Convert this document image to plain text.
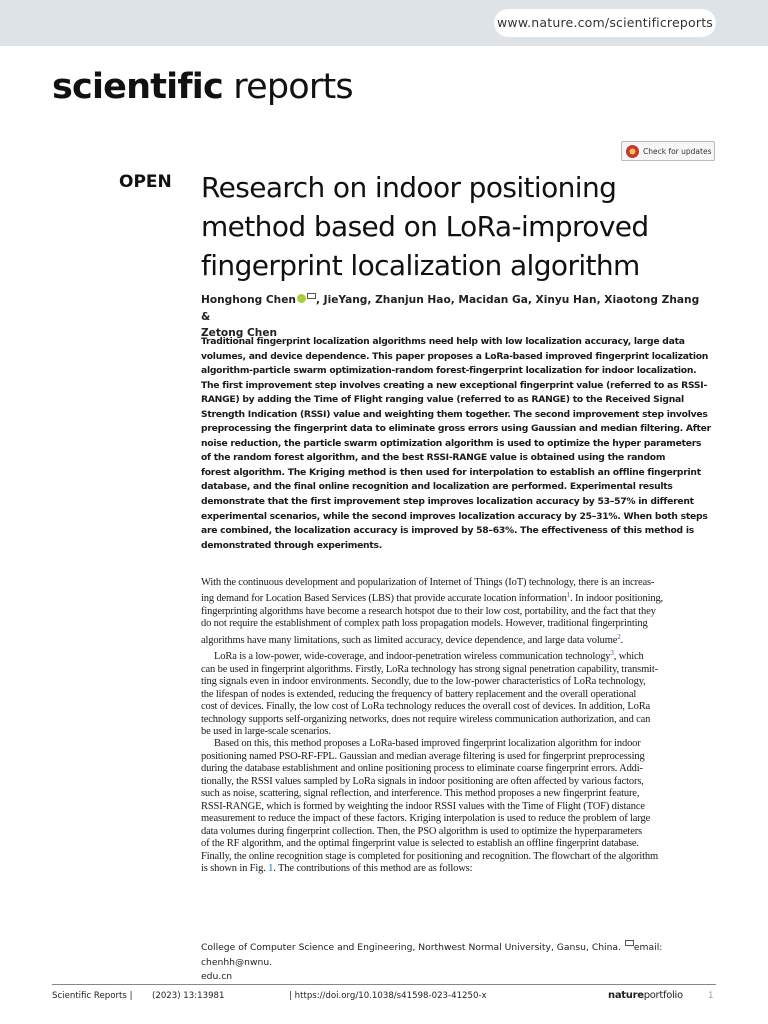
www.nature.com/scientificreports
scientific reports
Check for updates
OPEN Research on indoor positioning
method based on LoRa-improved
fingerprint localization algorithm
Honghong Chen , JieYang, Zhanjun Hao, Macidan Ga, Xinyu Han, Xiaotong Zhang &
Zetong Chen
Traditional fingerprint localization algorithms need help with low localization accuracy, large data
volumes, and device dependence. This paper proposes a LoRa-based improved fingerprint localization
algorithm-particle swarm optimization-random forest-fingerprint localization for indoor localization.
The first improvement step involves creating a new exceptional fingerprint value (referred to as RSSI-
RANGE) by adding the Time of Flight ranging value (referred to as RANGE) to the Received Signal
Strength Indication (RSSI) value and weighting them together. The second improvement step involves
preprocessing the fingerprint data to eliminate gross errors using Gaussian and median filtering. After
noise reduction, the particle swarm optimization algorithm is used to optimize the hyper parameters
of the random forest algorithm, and the best RSSI-RANGE value is obtained using the random
forest algorithm. The Kriging method is then used for interpolation to establish an offline fingerprint
database, and the final online recognition and localization are performed. Experimental results
demonstrate that the first improvement step improves localization accuracy by 53–57% in different
experimental scenarios, while the second improves localization accuracy by 25–31%. When both steps
are combined, the localization accuracy is improved by 58–63%. The effectiveness of this method is
demonstrated through experiments.
With the continuous development and popularization of Internet of Things (IoT) technology, there is an increas-
ing demand for Location Based Services (LBS) that provide accurate location information$^1$. In indoor positioning,
fingerprinting algorithms have become a research hotspot due to their low cost, portability, and the fact that they
do not require the establishment of complex path loss propagation models. However, traditional fingerprinting
algorithms have many limitations, such as limited accuracy, device dependence, and large data volume$^2$.
LoRa is a low-power, wide-coverage, and indoor-penetration wireless communication technology$^3$, which
can be used in fingerprint algorithms. Firstly, LoRa technology has strong signal penetration capability, transmit-
ting signals even in indoor environments. Secondly, due to the low-power characteristics of LoRa technology,
the lifespan of nodes is extended, reducing the frequency of battery replacement and the overall operational
cost of devices. Finally, the low cost of LoRa technology reduces the overall cost of devices. In addition, LoRa
technology supports self-organizing networks, does not require wireless communication authorization, and can
be used in large-scale scenarios.
Based on this, this method proposes a LoRa-based improved fingerprint localization algorithm for indoor
positioning named PSO-RF-FPL. Gaussian and median average filtering is used for fingerprint preprocessing
during the database establishment and online positioning process to eliminate coarse fingerprint errors. Addi-
tionally, the RSSI values sampled by LoRa signals in indoor positioning are often affected by various factors,
such as noise, scattering, signal reflection, and interference. This method proposes a new fingerprint feature,
RSSI-RANGE, which is formed by weighting the indoor RSSI values with the Time of Flight (TOF) distance
measurement to reduce the impact of these factors. Kriging interpolation is used to reduce the problem of large
data volumes during fingerprint collection. Then, the PSO algorithm is used to optimize the hyperparameters
of the RF algorithm, and the optimal fingerprint value is selected to establish an offline fingerprint database.
Finally, the online recognition stage is completed for positioning and recognition. The flowchart of the algorithm
is shown in Fig. 1. The contributions of this method are as follows:
College of Computer Science and Engineering, Northwest Normal University, Gansu, China. email: chenhh@nwnu.
edu.cn
Scientific Reports | (2023) 13:13981	| https://doi.org/10.1038/s41598-023-41250-x	natureportfolio	1
